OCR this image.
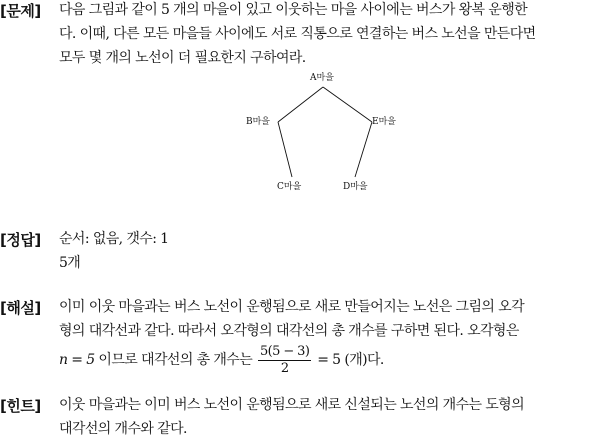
[문제] 다음 그림과 같이 5 개의 마을이 있고 이웃하는 마을 사이에는 버스가 왕복 운행한
다. 이때, 다른 모든 마을들 사이에도 서로 직통으로 연결하는 버스 노선을 만든다면
모두 몇 개의 노선이 더 필요한지 구하여라.
A마을
B마을
C마을	D마을
E마을
[정답] 순서: 없음, 갯수: 1
5개
[해설] 이미 이웃 마을과는 버스 노선이 운행됨으로 새로 만들어지는 노선은 그림의 오각
형의 대각선과 같다. 따라서 오각형의 대각선의 총 개수를 구하면 된다. 오각형은
n = 5 이므로 대각선의 총 개수는 $\frac{5(5 - 3)}{2} = 5$ (개)다.
[힌트] 이웃 마을과는 이미 버스 노선이 운행됨으로 새로 신설되는 노선의 개수는 도형의
대각선의 개수와 같다.
